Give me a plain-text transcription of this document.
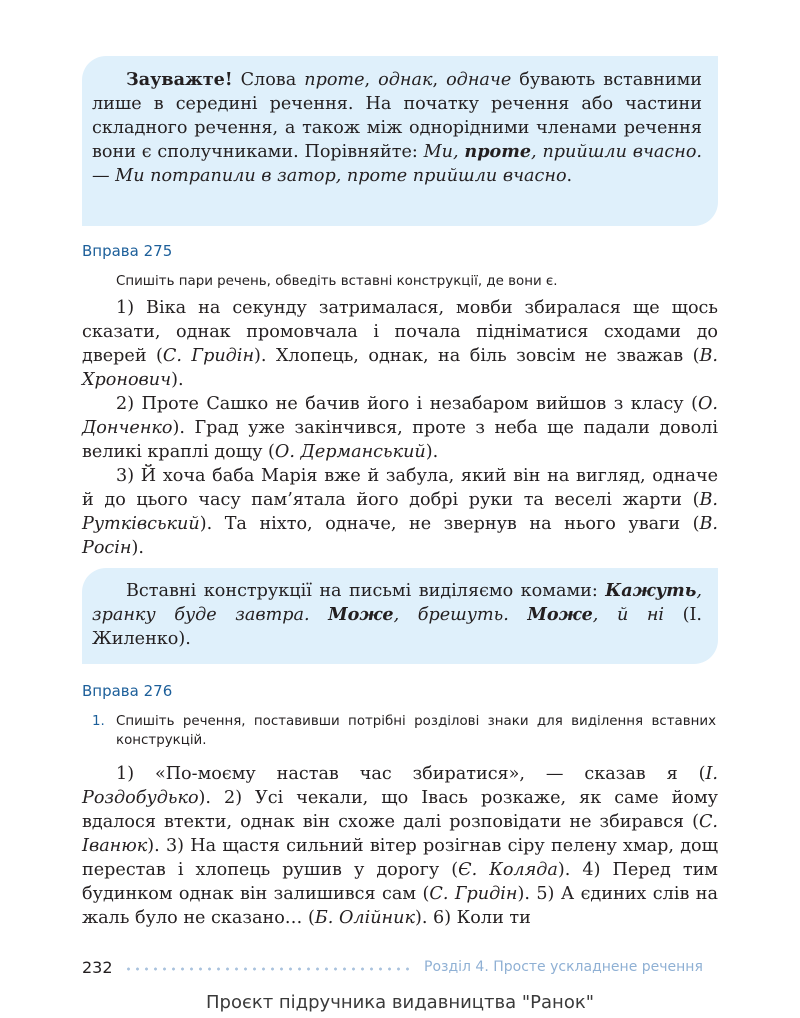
Зауважте! Слова проте, однак, одначе бувають вставними лише в середині речення. На початку речення або частини складного речення, а також між однорідними членами речення вони є сполучниками. Порівняйте: Ми, проте, прийшли вчасно. — Ми потрапили в затор, проте прийшли вчасно.

Вправа 275
Спишіть пари речень, обведіть вставні конструкції, де вони є.

1) Віка на секунду затрималася, мовби збиралася ще щось сказати, однак промовчала і почала підніматися сходами до дверей (С. Гридін). Хлопець, однак, на біль зовсім не зважав (В. Хронович).

2) Проте Сашко не бачив його і незабаром вийшов з класу (О. Донченко). Град уже закінчився, проте з неба ще падали доволі великі краплі дощу (О. Дерманський).

3) Й хоча баба Марія вже й забула, який він на вигляд, одначе й до цього часу пам’ятала його добрі руки та веселі жарти (В. Рутківський). Та ніхто, одначе, не звернув на нього уваги (В. Росін).

Вставні конструкції на письмі виділяємо комами: Кажуть, зранку буде завтра. Може, брешуть. Може, й ні (І. Жиленко).

Вправа 276
1. Спишіть речення, поставивши потрібні розділові знаки для виділення вставних конструкцій.

1) «По-моєму настав час збиратися», — сказав я (І. Роздобудько). 2) Усі чекали, що Івась розкаже, як саме йому вдалося втекти, однак він схоже далі розповідати не збирався (С. Іванюк). 3) На щастя сильний вітер розігнав сіру пелену хмар, дощ перестав і хлопець рушив у дорогу (Є. Коляда). 4) Перед тим будинком однак він залишився сам (С. Гридін). 5) А єдиних слів на жаль було не сказано… (Б. Олійник). 6) Коли ти

232	Розділ 4. Просте ускладнене речення
Проєкт підручника видавництва "Ранок"
